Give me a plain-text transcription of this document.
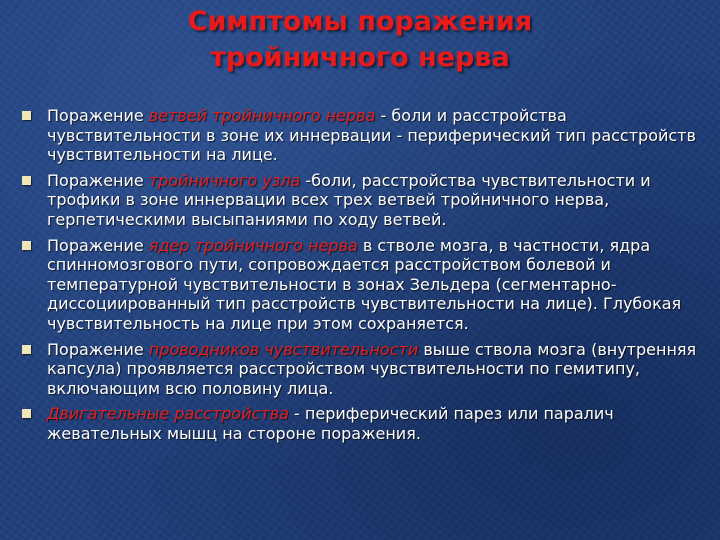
Симптомы поражения
тройничного нерва
Поражение ветвей тройничного нерва - боли и расстройства чувствительности в зоне их иннервации - периферический тип расстройств чувствительности на лице.
Поражение тройничного узла -боли, расстройства чувствительности и трофики в зоне иннервации всех трех ветвей тройничного нерва, герпетическими высыпаниями по ходу ветвей.
Поражение ядер тройничного нерва в стволе мозга, в частности, ядра спинномозгового пути, сопровождается расстройством болевой и температурной чувствительности в зонах Зельдера (сегментарно-диссоциированный тип расстройств чувствительности на лице). Глубокая чувствительность на лице при этом сохраняется.
Поражение проводников чувствительности выше ствола мозга (внутренняя капсула) проявляется расстройством чувствительности по гемитипу, включающим всю половину лица.
Двигательные расстройства - периферический парез или паралич жевательных мышц на стороне поражения.
